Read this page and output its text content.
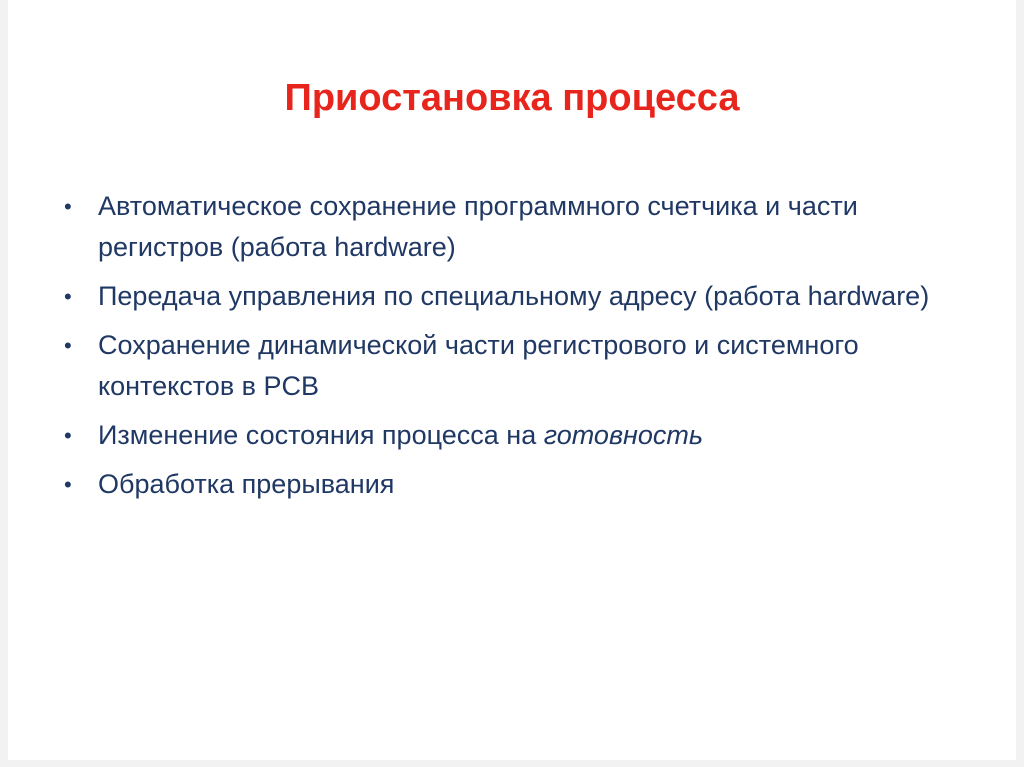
Приостановка процесса
• Автоматическое сохранение программного счетчика и части регистров (работа hardware)
• Передача управления по специальному адресу (работа hardware)
• Сохранение динамической части регистрового и системного контекстов в PCB
• Изменение состояния процесса на готовность
• Обработка прерывания
